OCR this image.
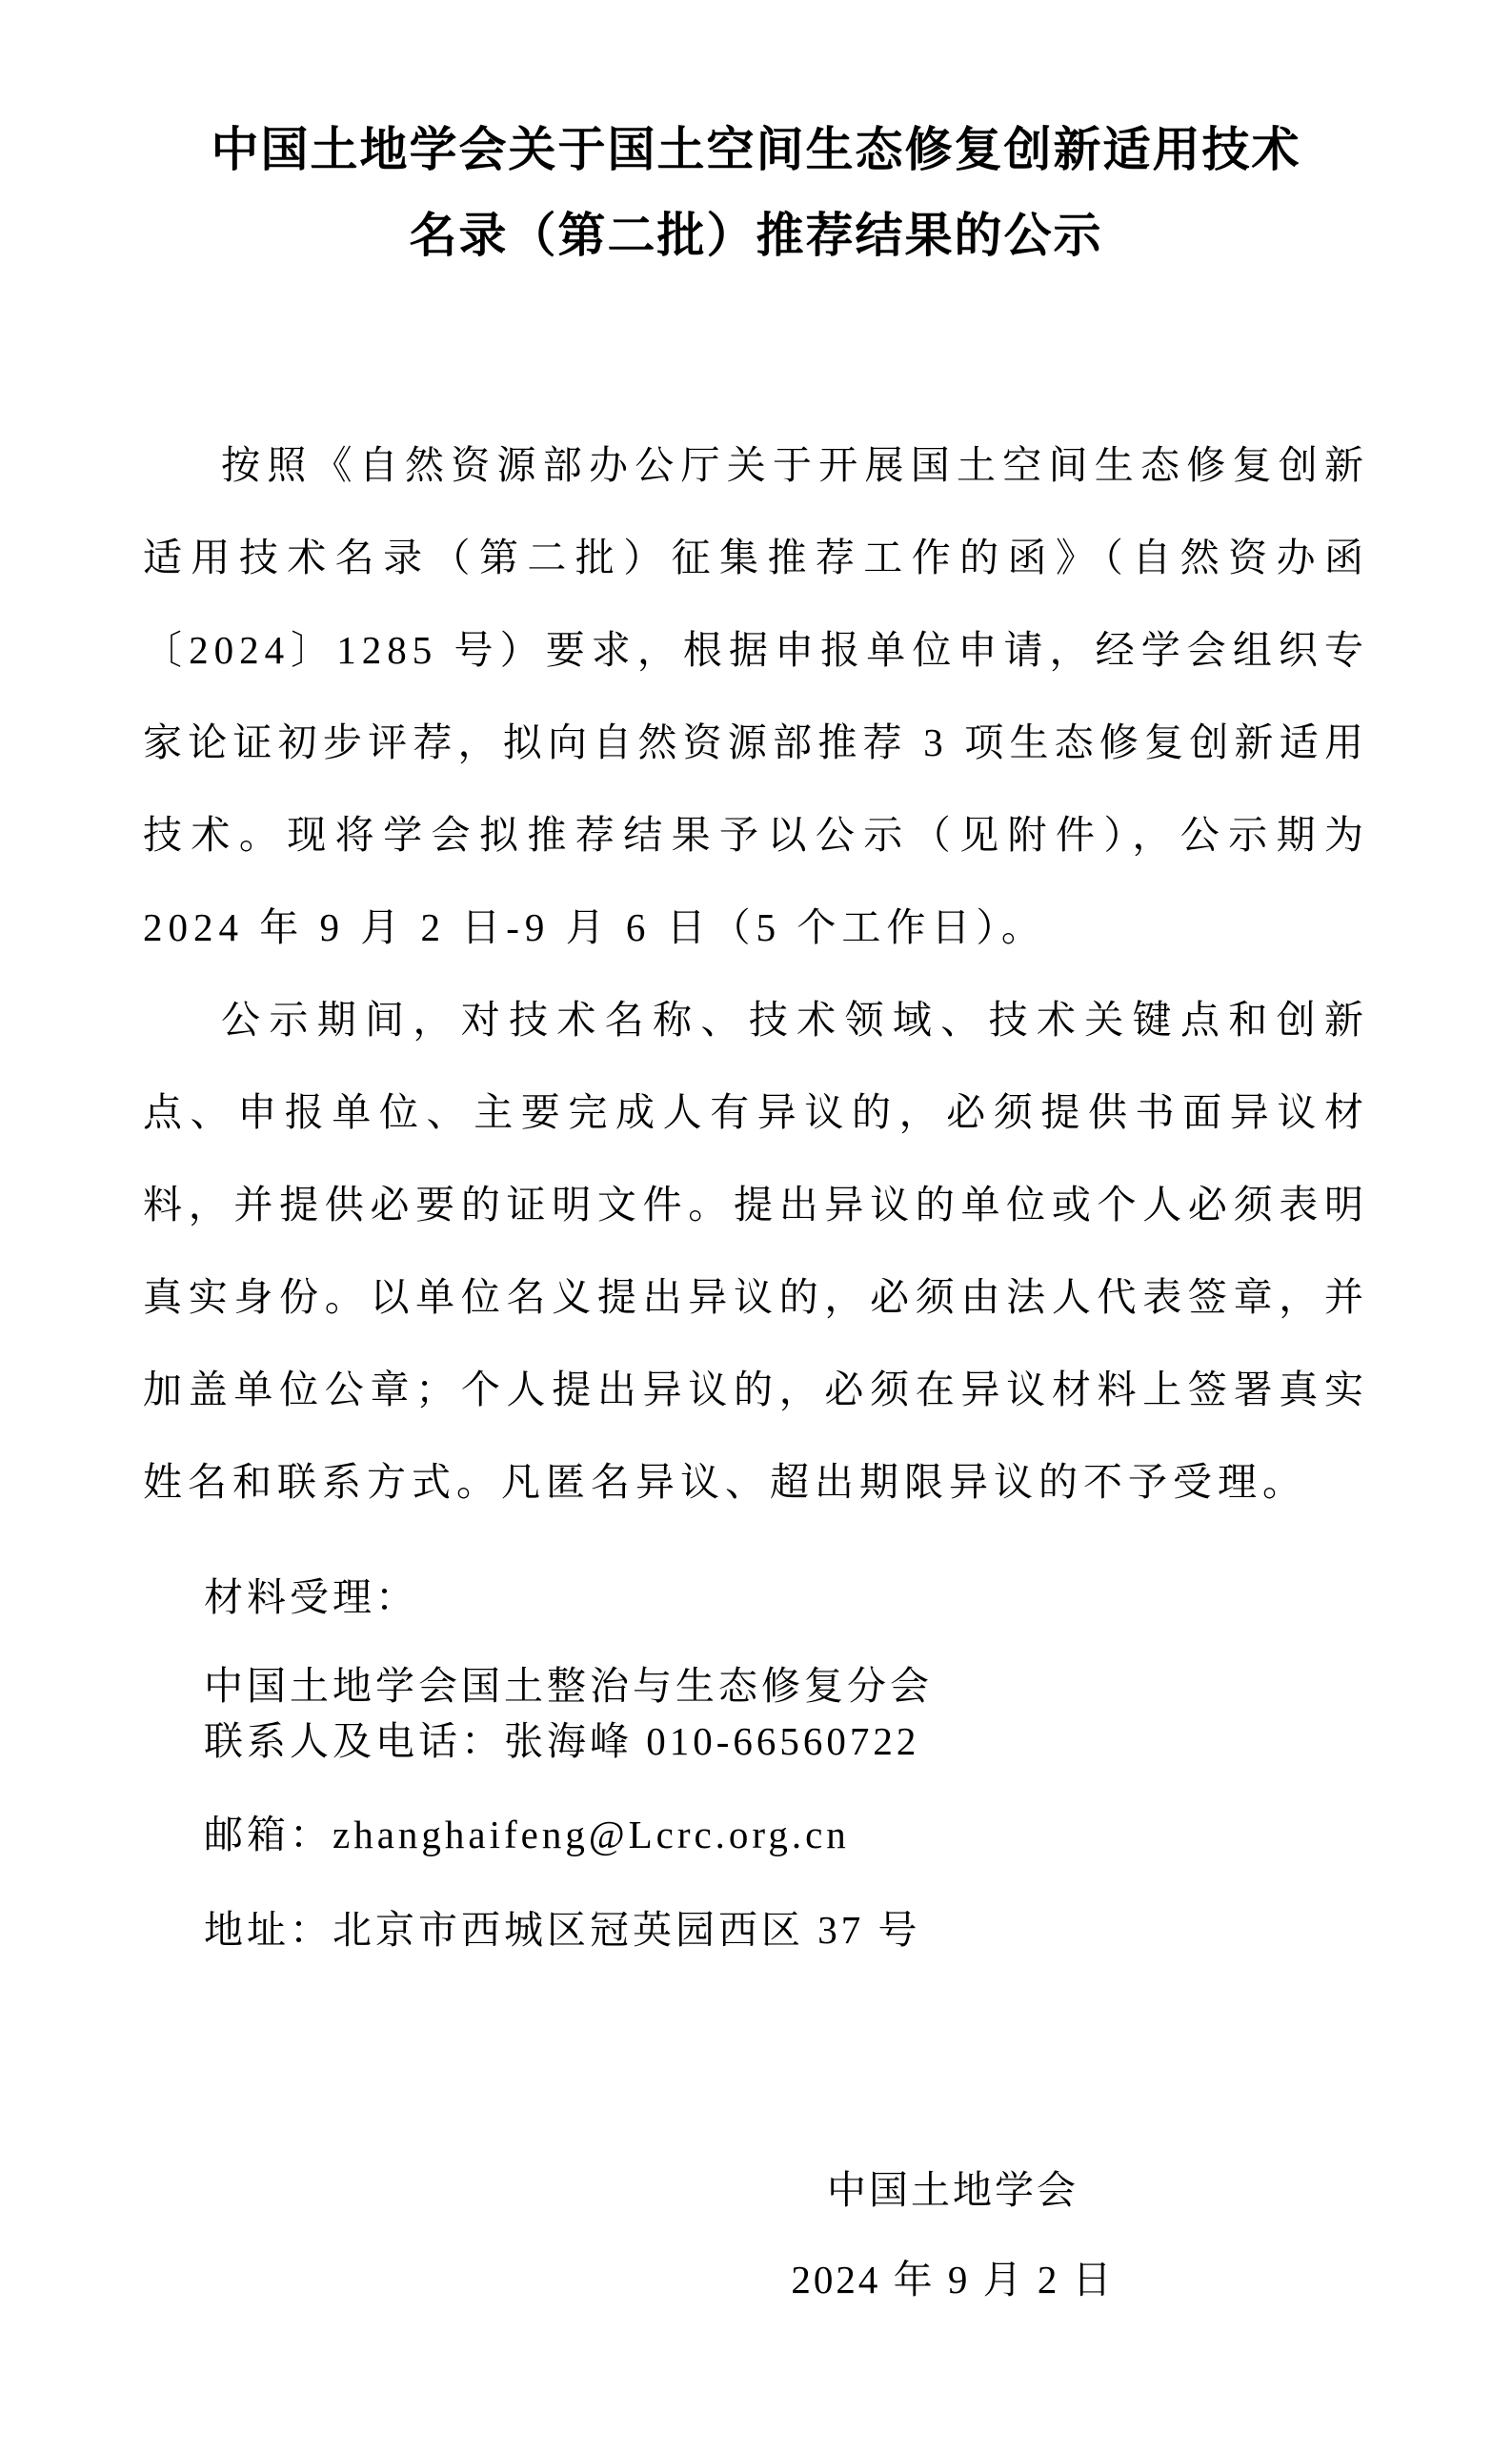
中国土地学会关于国土空间生态修复创新适用技术
名录（第二批）推荐结果的公示

按照《自然资源部办公厅关于开展国土空间生态修复创新适用技术名录（第二批）征集推荐工作的函》（自然资办函〔2024〕1285 号）要求，根据申报单位申请，经学会组织专家论证初步评荐，拟向自然资源部推荐 3 项生态修复创新适用技术。现将学会拟推荐结果予以公示（见附件），公示期为 2024 年 9 月 2 日-9 月 6 日（5 个工作日）。

公示期间，对技术名称、技术领域、技术关键点和创新点、申报单位、主要完成人有异议的，必须提供书面异议材料，并提供必要的证明文件。提出异议的单位或个人必须表明真实身份。以单位名义提出异议的，必须由法人代表签章，并加盖单位公章；个人提出异议的，必须在异议材料上签署真实姓名和联系方式。凡匿名异议、超出期限异议的不予受理。

材料受理：

中国土地学会国土整治与生态修复分会
联系人及电话：张海峰 010-66560722
邮箱：zhanghaifeng@Lcrc.org.cn
地址：北京市西城区冠英园西区 37 号
中国土地学会
2024 年 9 月 2 日
